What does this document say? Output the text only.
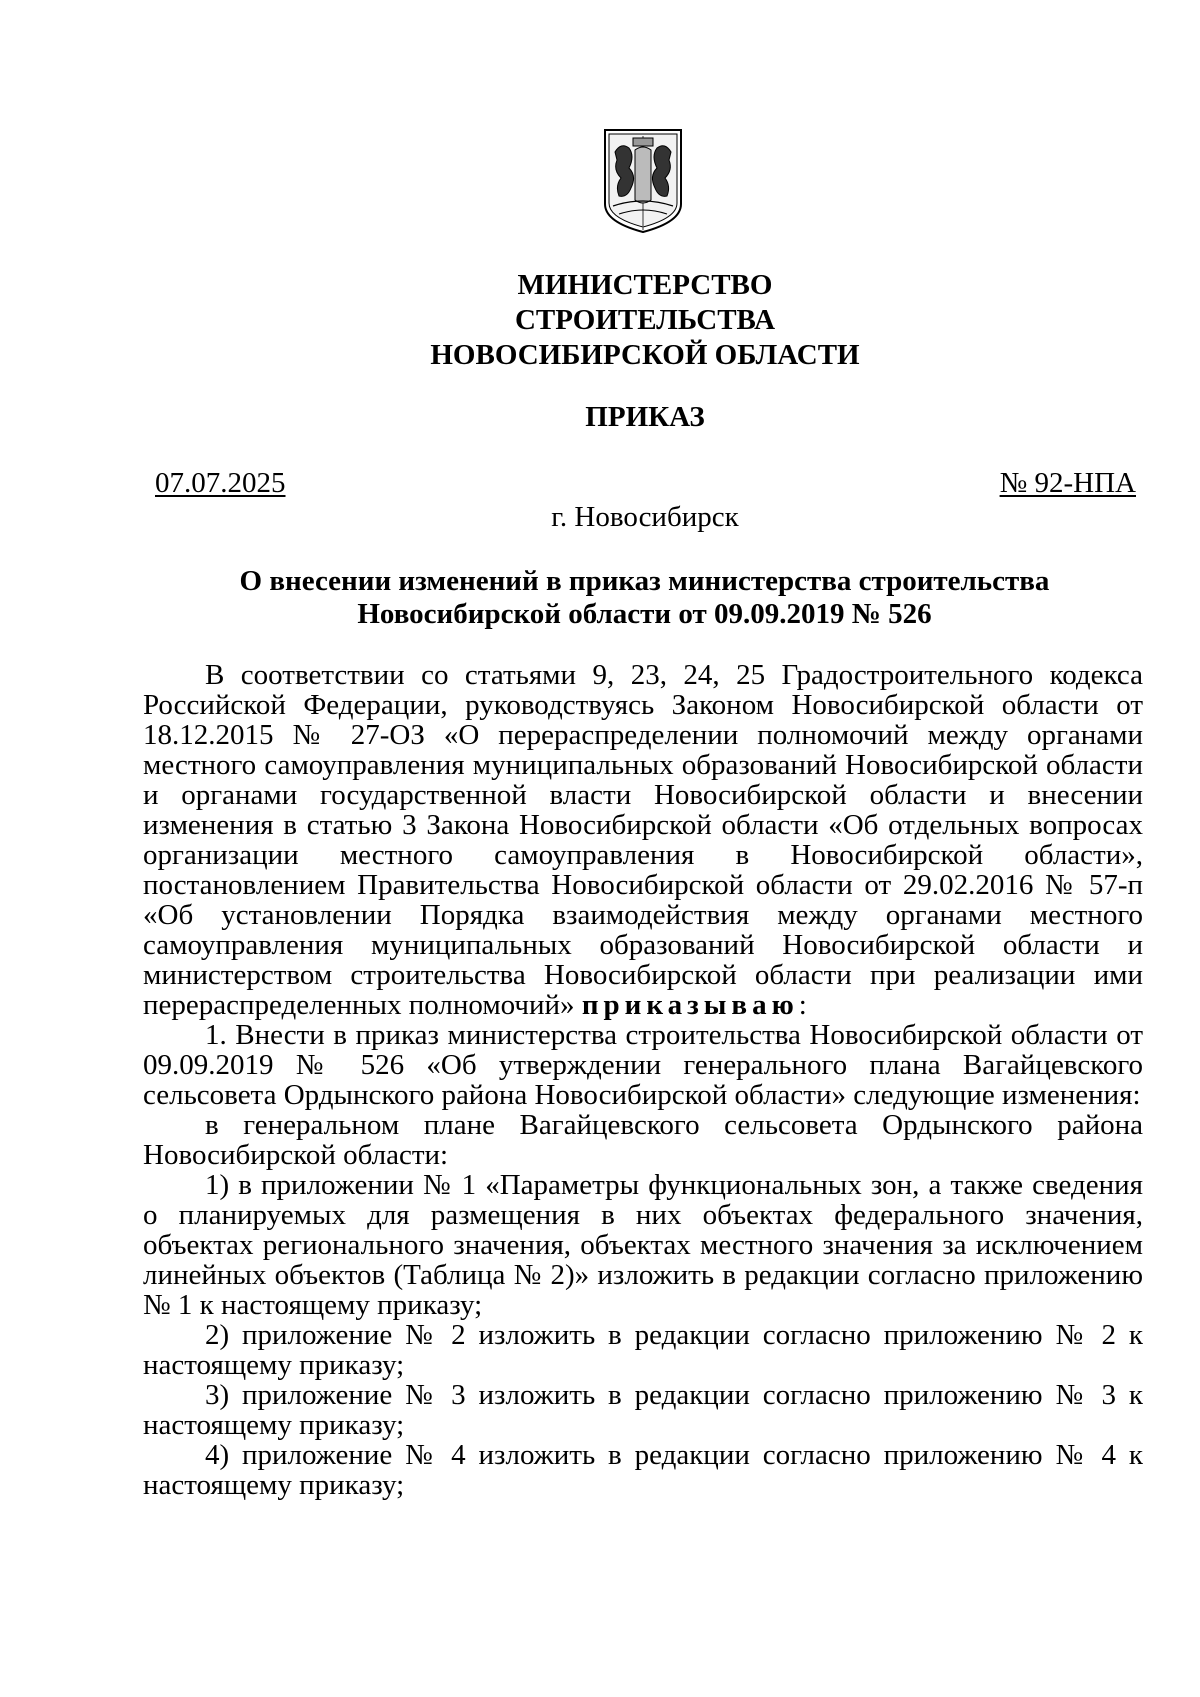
МИНИСТЕРСТВО
СТРОИТЕЛЬСТВА
НОВОСИБИРСКОЙ ОБЛАСТИ
ПРИКАЗ
07.07.2025	№ 92-НПА
г. Новосибирск
О внесении изменений в приказ министерства строительства Новосибирской области от 09.09.2019 № 526

В соответствии со статьями 9, 23, 24, 25 Градостроительного кодекса Российской Федерации, руководствуясь Законом Новосибирской области от 18.12.2015 № 27-ОЗ «О перераспределении полномочий между органами местного самоуправления муниципальных образований Новосибирской области и органами государственной власти Новосибирской области и внесении изменения в статью 3 Закона Новосибирской области «Об отдельных вопросах организации местного самоуправления в Новосибирской области», постановлением Правительства Новосибирской области от 29.02.2016 № 57-п «Об установлении Порядка взаимодействия между органами местного самоуправления муниципальных образований Новосибирской области и министерством строительства Новосибирской области при реализации ими перераспределенных полномочий» приказываю:

1. Внести в приказ министерства строительства Новосибирской области от 09.09.2019 № 526 «Об утверждении генерального плана Вагайцевского сельсовета Ордынского района Новосибирской области» следующие изменения:

в генеральном плане Вагайцевского сельсовета Ордынского района Новосибирской области:

1) в приложении № 1 «Параметры функциональных зон, а также сведения о планируемых для размещения в них объектах федерального значения, объектах регионального значения, объектах местного значения за исключением линейных объектов (Таблица № 2)» изложить в редакции согласно приложению № 1 к настоящему приказу;

2) приложение № 2 изложить в редакции согласно приложению № 2 к настоящему приказу;

3) приложение № 3 изложить в редакции согласно приложению № 3 к настоящему приказу;

4) приложение № 4 изложить в редакции согласно приложению № 4 к настоящему приказу;
